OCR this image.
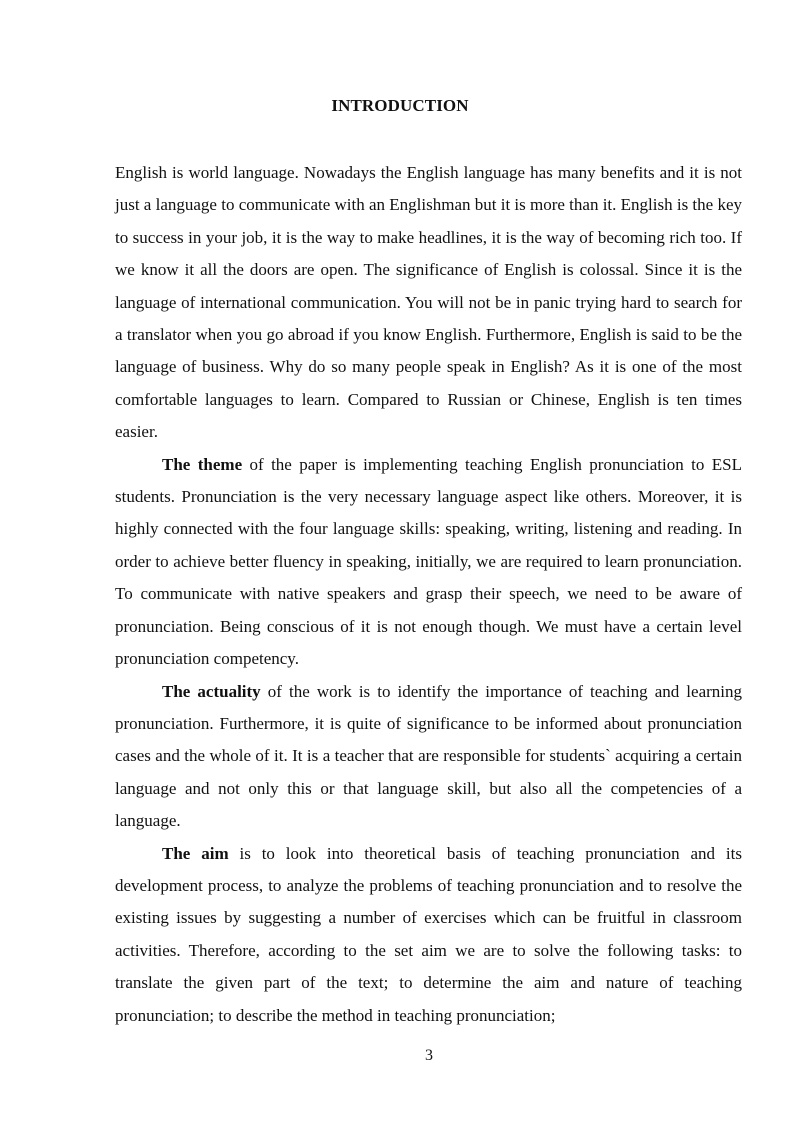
INTRODUCTION

English is world language. Nowadays the English language has many benefits and it is not just a language to communicate with an Englishman but it is more than it. English is the key to success in your job, it is the way to make headlines, it is the way of becoming rich too. If we know it all the doors are open. The significance of English is colossal. Since it is the language of international communication. You will not be in panic trying hard to search for a translator when you go abroad if you know English. Furthermore, English is said to be the language of business. Why do so many people speak in English? As it is one of the most comfortable languages to learn. Compared to Russian or Chinese, English is ten times easier.

The theme of the paper is implementing teaching English pronunciation to ESL students. Pronunciation is the very necessary language aspect like others. Moreover, it is highly connected with the four language skills: speaking, writing, listening and reading. In order to achieve better fluency in speaking, initially, we are required to learn pronunciation. To communicate with native speakers and grasp their speech, we need to be aware of pronunciation. Being conscious of it is not enough though. We must have a certain level pronunciation competency.

The actuality of the work is to identify the importance of teaching and learning pronunciation. Furthermore, it is quite of significance to be informed about pronunciation cases and the whole of it. It is a teacher that are responsible for students` acquiring a certain language and not only this or that language skill, but also all the competencies of a language.

The aim is to look into theoretical basis of teaching pronunciation and its development process, to analyze the problems of teaching pronunciation and to resolve the existing issues by suggesting a number of exercises which can be fruitful in classroom activities. Therefore, according to the set aim we are to solve the following tasks: to translate the given part of the text; to determine the aim and nature of teaching pronunciation; to describe the method in teaching pronunciation;

3
